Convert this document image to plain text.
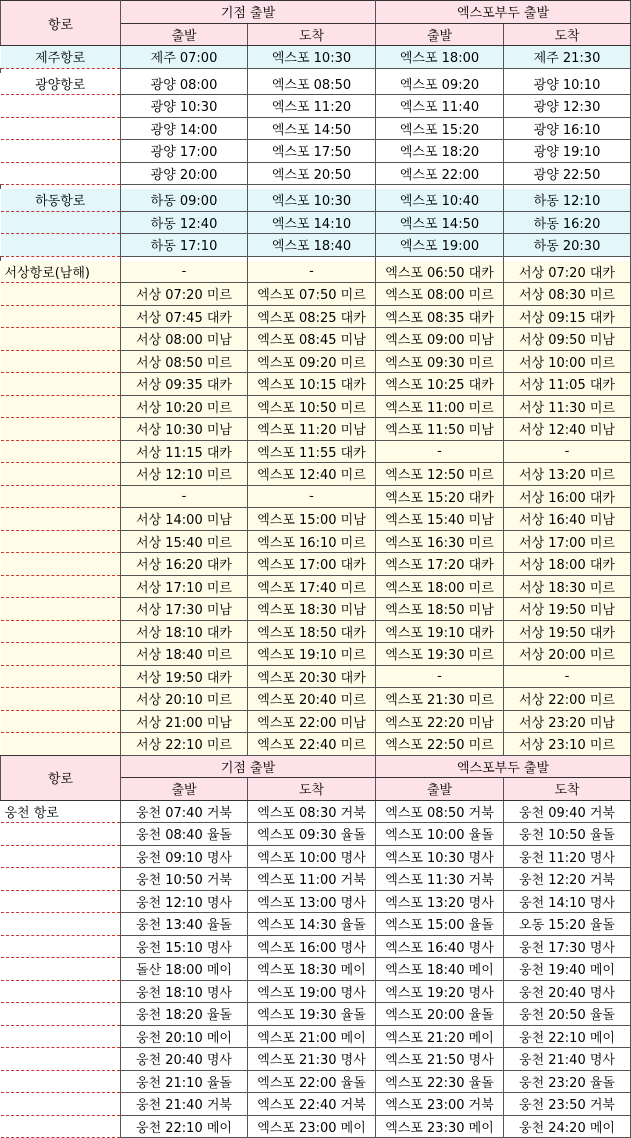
항로	기점 출발		엑스포부두 출발	
	출발	도착	출발	도착
제주항로	제주 07:00	엑스포 10:30	엑스포 18:00	제주 21:30

광양항로	광양 08:00	엑스포 08:50	엑스포 09:20	광양 10:10
	광양 10:30	엑스포 11:20	엑스포 11:40	광양 12:30
	광양 14:00	엑스포 14:50	엑스포 15:20	광양 16:10
	광양 17:00	엑스포 17:50	엑스포 18:20	광양 19:10
	광양 20:00	엑스포 20:50	엑스포 22:00	광양 22:50

하동항로	하동 09:00	엑스포 10:30	엑스포 10:40	하동 12:10
	하동 12:40	엑스포 14:10	엑스포 14:50	하동 16:20
	하동 17:10	엑스포 18:40	엑스포 19:00	하동 20:30

서상항로(남해)	-	-	엑스포 06:50 대카	서상 07:20 대카
	서상 07:20 미르	엑스포 07:50 미르	엑스포 08:00 미르	서상 08:30 미르
	서상 07:45 대카	엑스포 08:25 대카	엑스포 08:35 대카	서상 09:15 대카
	서상 08:00 미남	엑스포 08:45 미남	엑스포 09:00 미남	서상 09:50 미남
	서상 08:50 미르	엑스포 09:20 미르	엑스포 09:30 미르	서상 10:00 미르
	서상 09:35 대카	엑스포 10:15 대카	엑스포 10:25 대카	서상 11:05 대카
	서상 10:20 미르	엑스포 10:50 미르	엑스포 11:00 미르	서상 11:30 미르
	서상 10:30 미남	엑스포 11:20 미남	엑스포 11:50 미남	서상 12:40 미남
	서상 11:15 대카	엑스포 11:55 대카	-	-
	서상 12:10 미르	엑스포 12:40 미르	엑스포 12:50 미르	서상 13:20 미르
	-	-	엑스포 15:20 대카	서상 16:00 대카
	서상 14:00 미남	엑스포 15:00 미남	엑스포 15:40 미남	서상 16:40 미남
	서상 15:40 미르	엑스포 16:10 미르	엑스포 16:30 미르	서상 17:00 미르
	서상 16:20 대카	엑스포 17:00 대카	엑스포 17:20 대카	서상 18:00 대카
	서상 17:10 미르	엑스포 17:40 미르	엑스포 18:00 미르	서상 18:30 미르
	서상 17:30 미남	엑스포 18:30 미남	엑스포 18:50 미남	서상 19:50 미남
	서상 18:10 대카	엑스포 18:50 대카	엑스포 19:10 대카	서상 19:50 대카
	서상 18:40 미르	엑스포 19:10 미르	엑스포 19:30 미르	서상 20:00 미르
	서상 19:50 대카	엑스포 20:30 대카	-	-
	서상 20:10 미르	엑스포 20:40 미르	엑스포 21:30 미르	서상 22:00 미르
	서상 21:00 미남	엑스포 22:00 미남	엑스포 22:20 미남	서상 23:20 미남
	서상 22:10 미르	엑스포 22:40 미르	엑스포 22:50 미르	서상 23:10 미르
항로	기점 출발		엑스포부두 출발	
	출발	도착	출발	도착
웅천 항로	웅천 07:40 거북	엑스포 08:30 거북	엑스포 08:50 거북	웅천 09:40 거북
	웅천 08:40 율돌	엑스포 09:30 율돌	엑스포 10:00 율돌	웅천 10:50 율돌
	웅천 09:10 명사	엑스포 10:00 명사	엑스포 10:30 명사	웅천 11:20 명사
	웅천 10:50 거북	엑스포 11:00 거북	엑스포 11:30 거북	웅천 12:20 거북
	웅천 12:10 명사	엑스포 13:00 명사	엑스포 13:20 명사	웅천 14:10 명사
	웅천 13:40 율돌	엑스포 14:30 율돌	엑스포 15:00 율돌	오동 15:20 율돌
	웅천 15:10 명사	엑스포 16:00 명사	엑스포 16:40 명사	웅천 17:30 명사
	돌산 18:00 메이	엑스포 18:30 메이	엑스포 18:40 메이	웅천 19:40 메이
	웅천 18:10 명사	엑스포 19:00 명사	엑스포 19:20 명사	웅천 20:40 명사
	웅천 18:20 율돌	엑스포 19:30 율돌	엑스포 20:00 율돌	웅천 20:50 율돌
	웅천 20:10 메이	엑스포 21:00 메이	엑스포 21:20 메이	웅천 22:10 메이
	웅천 20:40 명사	엑스포 21:30 명사	엑스포 21:50 명사	웅천 21:40 명사
	웅천 21:10 율돌	엑스포 22:00 율돌	엑스포 22:30 율돌	웅천 23:20 율돌
	웅천 21:40 거북	엑스포 22:40 거북	엑스포 23:00 거북	웅천 23:50 거북
	웅천 22:10 메이	엑스포 23:00 메이	엑스포 23:30 메이	웅천 24:20 메이
